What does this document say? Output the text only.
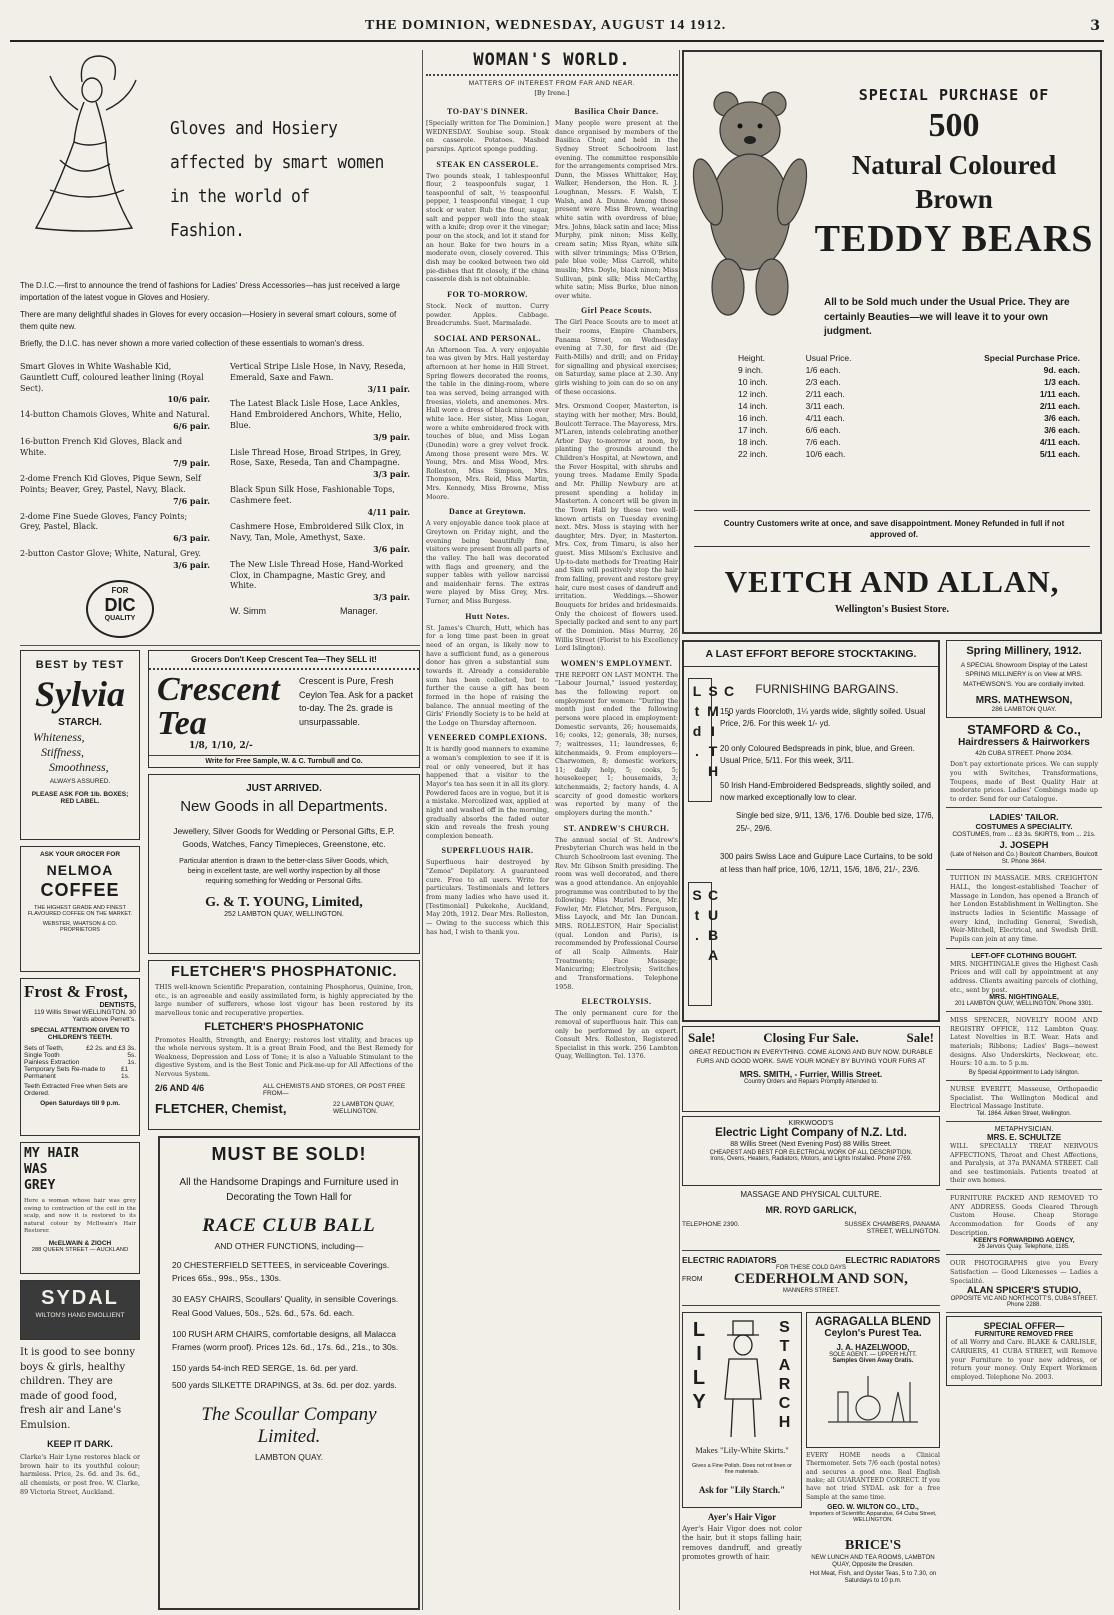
THE DOMINION, WEDNESDAY, AUGUST 14 1912.	3
Gloves and Hosiery affected by smart women in the world of Fashion.

The D.I.C.—first to announce the trend of fashions for Ladies' Dress Accessories—has just received a large importation of the latest vogue in Gloves and Hosiery.

There are many delightful shades in Gloves for every occasion—Hosiery in several smart colours, some of them quite new.

Briefly, the D.I.C. has never shown a more varied collection of these essentials to woman's dress.

Smart Gloves in White Washable Kid, Gauntlett Cuff, coloured leather lining (Royal Sect).
10/6 pair.
14-button Chamois Gloves, White and Natural.
6/6 pair.
16-button French Kid Gloves, Black and White.
7/9 pair.
2-dome French Kid Gloves, Pique Sewn, Self Points; Beaver, Grey, Pastel, Navy, Black.
7/6 pair.
2-dome Fine Suede Gloves, Fancy Points; Grey, Pastel, Black.
6/3 pair.
2-button Castor Glove; White, Natural, Grey.
3/6 pair.
Vertical Stripe Lisle Hose, in Navy, Reseda, Emerald, Saxe and Fawn.
3/11 pair.
The Latest Black Lisle Hose, Lace Ankles, Hand Embroidered Anchors, White, Helio, Blue.
3/9 pair.
Lisle Thread Hose, Broad Stripes, in Grey, Rose, Saxe, Reseda, Tan and Champagne.
3/3 pair.
Black Spun Silk Hose, Fashionable Tops, Cashmere feet.
4/11 pair.
Cashmere Hose, Embroidered Silk Clox, in Navy, Tan, Mole, Amethyst, Saxe.
3/6 pair.
The New Lisle Thread Hose, Hand-Worked Clox, in Champagne, Mastic Grey, and White.
3/3 pair.
FOR
DIC
QUALITY
W. Simm	Manager.
WOMAN'S WORLD.
MATTERS OF INTEREST FROM FAR AND NEAR.
[By Irene.]
TO-DAY'S DINNER.
[Specially written for The Dominion.] WEDNESDAY. Soubise soup. Steak en casserole. Potatoes. Mashed parsnips. Apricot sponge pudding.
STEAK EN CASSEROLE.
Two pounds steak, 1 tablespoonful flour, 2 teaspoonfuls sugar, 1 teaspoonful of salt, ½ teaspoonful pepper, 1 teaspoonful vinegar, 1 cup stock or water. Rub the flour, sugar, salt and pepper well into the steak with a knife; drop over it the vinegar; pour on the stock, and let it stand for an hour. Bake for two hours in a moderate oven, closely covered. This dish may be cooked between two old pie-dishes that fit closely, if the china casserole dish is not obtainable.
FOR TO-MORROW.
Stock. Neck of mutton. Curry powder. Apples. Cabbage. Breadcrumbs. Suet. Marmalade.
SOCIAL AND PERSONAL.
An Afternoon Tea. A very enjoyable tea was given by Mrs. Hall yesterday afternoon at her home in Hill Street. Spring flowers decorated the rooms, the table in the dining-room, where tea was served, being arranged with freesias, violets, and anemones. Mrs. Hall wore a dress of black ninon over white lace. Her sister, Miss Logan, wore a white embroidered frock with touches of blue, and Miss Logan (Dunedin) wore a grey velvet frock. Among those present were Mrs. W. Young, Mrs. and Miss Wood, Mrs. Rolleston, Miss Simpson, Mrs. Thompson, Mrs. Reid, Miss Martin, Mrs. Kennedy, Miss Browne, Miss Moore.
Dance at Greytown.
A very enjoyable dance took place at Greytown on Friday night, and the evening being beautifully fine, visitors were present from all parts of the valley. The hall was decorated with flags and greenery, and the supper tables with yellow narcissi and maidenhair ferns. The extras were played by Miss Grey, Mrs. Turner, and Miss Burgess.
Hutt Notes.
St. James's Church, Hutt, which has for a long time past been in great need of an organ, is likely now to have a sufficient fund, as a generous donor has given a substantial sum towards it. Already a considerable sum has been collected, but to further the cause a gift has been formed in the hope of raising the balance. The annual meeting of the Girls' Friendly Society is to be held at the Lodge on Thursday afternoon.
VENEERED COMPLEXIONS.
It is hardly good manners to examine a woman's complexion to see if it is real or only veneered, but it has happened that a visitor to the Mayor's tea has seen it in all its glory. Powdered faces are in vogue, but it is a mistake. Mercolized wax, applied at night and washed off in the morning, gradually absorbs the faded outer skin and reveals the fresh young complexion beneath.
SUPERFLUOUS HAIR.
Superfluous hair destroyed by "Zemoa" Depilatory. A guaranteed cure. Free to all users. Write for particulars. Testimonials and letters from many ladies who have used it. [Testimonial] Pukekohe, Auckland, May 20th, 1912. Dear Mrs. Rolleston, — Owing to the success which this has had, I wish to thank you.
Basilica Choir Dance.
Many people were present at the dance organised by members of the Basilica Choir, and held in the Sydney Street Schoolroom last evening. The committee responsible for the arrangements comprised Mrs. Dunn, the Misses Whittaker, Hay, Walker, Henderson, the Hon. R. J. Loughnan, Messrs. F. Walsh, T. Walsh, and A. Dunne. Among those present were Miss Brown, wearing white satin with overdress of blue; Mrs. Johns, black satin and lace; Miss Murphy, pink ninon; Miss Kelly, cream satin; Miss Ryan, white silk with silver trimmings; Miss O'Brien, pale blue voile; Miss Carroll, white muslin; Mrs. Doyle, black ninon; Miss Sullivan, pink silk; Miss McCarthy, white satin; Miss Burke, blue ninon over white.
Girl Peace Scouts.
The Girl Peace Scouts are to meet at their rooms, Empire Chambers, Panama Street, on Wednesday evening at 7.30, for first aid (Dr. Faith-Mills) and drill; and on Friday for signalling and physical exercises; on Saturday, same place at 2.30. Any girls wishing to join can do so on any of these occasions.
Mrs. Orsmond Cooper, Masterton, is staying with her mother, Mrs. Bould, Boulcott Terrace. The Mayoress, Mrs. M'Laren, intends celebrating another Arbor Day to-morrow at noon, by planting the grounds around the Children's Hospital, at Newtown, and the Fever Hospital, with shrubs and young trees. Madame Emily Spada and Mr. Phillip Newbury are at present spending a holiday in Masterton. A concert will be given in the Town Hall by these two well-known artists on Tuesday evening next. Mrs. Moss is staying with her daughter, Mrs. Dyer, in Masterton. Mrs. Cox, from Timaru, is also her guest. Miss Milsom's Exclusive and Up-to-date methods for Treating Hair and Skin will positively stop the hair from falling, prevent and restore grey hair, cure most cases of dandruff and irritation. Weddings.—Shower Bouquets for brides and bridesmaids. Only the choicest of flowers used. Specially packed and sent to any part of the Dominion. Miss Murray, 26 Willis Street (Florist to his Excellency Lord Islington).
WOMEN'S EMPLOYMENT.
THE REPORT ON LAST MONTH. The "Labour Journal," issued yesterday, has the following report on employment for women: "During the month just ended the following persons were placed in employment: Domestic servants, 26; housemaids, 16; cooks, 12; generals, 38; nurses, 7; waitresses, 11; laundresses, 6; kitchenmaids, 9. From employers—Charwomen, 8; domestic workers, 11; daily help, 5; cooks, 5; housekeeper, 1; housemaids, 3; kitchenmaids, 2; factory hands, 4. A scarcity of good domestic workers was reported by many of the employers during the month."
ST. ANDREW'S CHURCH.
The annual social of St. Andrew's Presbyterian Church was held in the Church Schoolroom last evening. The Rev. Mr. Gibson Smith presiding. The room was well decorated, and there was a good attendance. An enjoyable programme was contributed to by the following: Miss Muriel Bruce, Mr. Fowler, Mr. Fletcher, Mrs. Ferguson, Miss Layock, and Mr. Ian Duncan. MRS. ROLLESTON, Hair Specialist (qual. London and Paris), is recommended by Professional Course of all Scalp Ailments. Hair Treatments; Face Massage; Manicuring; Electrolysis; Switches and Transformations. Telephone 1958.
ELECTROLYSIS.
The only permanent cure for the removal of superfluous hair. This can only be performed by an expert. Consult Mrs. Rolleston, Registered Specialist in this work. 256 Lambton Quay, Wellington. Tel. 1376.
SPECIAL PURCHASE OF
500
Natural Coloured
Brown
TEDDY BEARS
All to be Sold much under the Usual Price. They are certainly Beauties—we will leave it to your own judgment.
Height.	Usual Price.	Special Purchase Price.
9 inch.	1/6 each.	9d. each.
10 inch.	2/3 each.	1/3 each.
12 inch.	2/11 each.	1/11 each.
14 inch.	3/11 each.	2/11 each.
16 inch.	4/11 each.	3/6 each.
17 inch.	6/6 each.	3/6 each.
18 inch.	7/6 each.	4/11 each.
22 inch.	10/6 each.	5/11 each.
Country Customers write at once, and save disappointment. Money Refunded in full if not approved of.
VEITCH AND ALLAN,
Wellington's Busiest Store.
BEST by TEST
Sylvia
STARCH.
Whiteness,
Stiffness,
Smoothness,
ALWAYS ASSURED.
PLEASE ASK FOR 1lb. BOXES; RED LABEL.
ASK YOUR GROCER FOR
NELMOA
COFFEE
THE HIGHEST GRADE AND FINEST FLAVOURED COFFEE ON THE MARKET.
WEBSTER, WHATSON & CO. PROPRIETORS
Frost & Frost,
DENTISTS,
119 Willis Street WELLINGTON. 30 Yards above Perrett's.
SPECIAL ATTENTION GIVEN TO CHILDREN'S TEETH.
Sets of Teeth,	£2 2s. and £3 3s.
Single Tooth	5s.
Painless Extraction	1s.
Temporary Sets Re-made to Permanent
£1 1s.
Teeth Extracted Free when Sets are Ordered.
Open Saturdays till 9 p.m.
MY HAIR WAS GREY
Here a woman whose hair was grey owing to contraction of the cell in the scalp, and now it is restored to its natural colour by McIlwain's Hair Restorer.
McELWAIN & ZIOCH
288 QUEEN STREET — AUCKLAND
SYDAL
WILTON'S HAND EMOLLIENT
It is good to see bonny boys & girls, healthy children. They are made of good food, fresh air and Lane's Emulsion.
KEEP IT DARK.
Clarke's Hair Lyne restores black or brown hair to its youthful colour; harmless. Price, 2s. 6d. and 3s. 6d., all chemists, or post free. W. Clarke, 89 Victoria Street, Auckland.
Grocers Don't Keep Crescent Tea—They SELL it!
Crescent Tea
1/8, 1/10, 2/-
Crescent is Pure, Fresh Ceylon Tea. Ask for a packet to-day. The 2s. grade is unsurpassable.
Write for Free Sample, W. & C. Turnbull and Co.
JUST ARRIVED.
New Goods in all Departments.
Jewellery, Silver Goods for Wedding or Personal Gifts, E.P. Goods, Watches, Fancy Timepieces, Greenstone, etc.
Particular attention is drawn to the better-class Silver Goods, which, being in excellent taste, are well worthy inspection by all those requiring something for Wedding or Personal Gifts.
G. & T. YOUNG, Limited,
252 LAMBTON QUAY, WELLINGTON.
FLETCHER'S PHOSPHATONIC.
THIS well-known Scientific Preparation, containing Phosphorus, Quinine, Iron, etc., is an agreeable and easily assimilated form, is highly appreciated by the large number of sufferers, whose lost vigour has been restored by its marvellous tonic and recuperative properties.
FLETCHER'S PHOSPHATONIC
Promotes Health, Strength, and Energy; restores lost vitality, and braces up the whole nervous system. It is a great Brain Food, and the Best Remedy for Weakness, Depression and Loss of Tone; it is also a Valuable Stimulant to the digestive System, and is the Best Tonic and Pick-me-up for All Affections of the Nervous System.
2/6 AND 4/6	ALL CHEMISTS AND STORES, OR POST FREE FROM—
FLETCHER, Chemist,	22 LAMBTON QUAY, WELLINGTON.
MUST BE SOLD!
All the Handsome Drapings and Furniture used in Decorating the Town Hall for
RACE CLUB BALL
AND OTHER FUNCTIONS, including—
20 CHESTERFIELD SETTEES, in serviceable Coverings. Prices 65s., 99s., 95s., 130s.
30 EASY CHAIRS, Scoullars' Quality, in sensible Coverings. Real Good Values, 50s., 52s. 6d., 57s. 6d. each.
100 RUSH ARM CHAIRS, comfortable designs, all Malacca Frames (worm proof). Prices 12s. 6d., 17s. 6d., 21s., to 30s.
150 yards 54-inch RED SERGE, 1s. 6d. per yard.
500 yards SILKETTE DRAPINGS, at 3s. 6d. per doz. yards.
The Scoullar Company Limited.
LAMBTON QUAY.
A LAST EFFORT BEFORE STOCKTAKING.
C. SMITH Ltd.
CUBA St.
FURNISHING BARGAINS.
150 yards Floorcloth, 1¼ yards wide, slightly soiled. Usual Price, 2/6. For this week 1/- yd.
20 only Coloured Bedspreads in pink, blue, and Green. Usual Price, 5/11. For this week, 3/11.
50 Irish Hand-Embroidered Bedspreads, slightly soiled, and now marked exceptionally low to clear.
Single bed size, 9/11, 13/6, 17/6. Double bed size, 17/6, 25/-, 29/6.
300 pairs Swiss Lace and Guipure Lace Curtains, to be sold at less than half price, 10/6, 12/11, 15/6, 18/6, 21/-, 23/6.
Sale!	Closing Fur Sale.	Sale!
GREAT REDUCTION IN EVERYTHING. COME ALONG AND BUY NOW. DURABLE FURS AND GOOD WORK. SAVE YOUR MONEY BY BUYING YOUR FURS AT
MRS. SMITH, - Furrier, Willis Street.
Country Orders and Repairs Promptly Attended to.
KIRKWOOD'S
Electric Light Company of N.Z. Ltd.
88 Willis Street (Next Evening Post) 88 Willis Street.
CHEAPEST AND BEST FOR ELECTRICAL WORK OF ALL DESCRIPTION.
Irons, Ovens, Heaters, Radiators, Motors, and Lights Installed. Phone 2769.
MASSAGE AND PHYSICAL CULTURE.
MR. ROYD GARLICK,
TELEPHONE 2390.	SUSSEX CHAMBERS, PANAMA STREET, WELLINGTON.
ELECTRIC RADIATORS	ELECTRIC RADIATORS
FOR THESE COLD DAYS
FROM	CEDERHOLM AND SON,
MANNERS STREET.
LILY	STARCH
Makes "Lily-White Skirts."
Gives a Fine Polish. Does not rot linen or fine materials.
Ask for "Lily Starch."
Ayer's Hair Vigor
Ayer's Hair Vigor does not color the hair, but it stops falling hair, removes dandruff, and greatly promotes growth of hair.
AGRAGALLA BLEND
Ceylon's Purest Tea.
J. A. HAZELWOOD,
SOLE AGENT. — UPPER HUTT.
Samples Given Away Gratis.
EVERY HOME needs a Clinical Thermometer. Sets 7/6 each (postal notes) and secures a good one. Real English make; all GUARANTEED CORRECT. If you have not tried SYDAL ask for a free Sample at the same time.
GEO. W. WILTON CO., LTD.,
Importers of Scientific Apparatus, 64 Cuba Street, WELLINGTON.
BRICE'S
NEW LUNCH AND TEA ROOMS, LAMBTON QUAY, Opposite the Dresden.
Hot Meat, Fish, and Oyster Teas, 5 to 7.30, on Saturdays to 10 p.m.
Spring Millinery, 1912.
A SPECIAL Showroom Display of the Latest SPRING MILLINERY is on View at MRS. MATHEWSON'S. You are cordially invited.
MRS. MATHEWSON,
286 LAMBTON QUAY.
STAMFORD & Co.,
Hairdressers & Hairworkers
42b CUBA STREET. Phone 2034.
Don't pay extortionate prices. We can supply you with Switches, Transformations, Toupees, made of Best Quality Hair at moderate prices. Ladies' Combings made up to order. Send for our Catalogue.
LADIES' TAILOR.
COSTUMES A SPECIALITY.
COSTUMES, from ... £3 3s. SKIRTS, from ... 21s.
J. JOSEPH
(Late of Nelson and Co.) Boulcott Chambers, Boulcott St. Phone 3664.
TUITION IN MASSAGE. MRS. CREIGHTON HALL, the longest-established Teacher of Massage in London, has opened a Branch of her London Establishment in Wellington. She instructs ladies in Scientific Massage of every kind, including General, Swedish, Weir-Mitchell, Electrical, and Swedish Drill. Pupils can join at any time.
LEFT-OFF CLOTHING BOUGHT.
MRS. NIGHTINGALE gives the Highest Cash Prices and will call by appointment at any address. Clients awaiting parcels of clothing, etc., sent by post.
MRS. NIGHTINGALE,
201 LAMBTON QUAY, WELLINGTON. Phone 3301.
MISS SPENCER, NOVELTY ROOM AND REGISTRY OFFICE, 112 Lambton Quay. Latest Novelties in B.T. Wear. Hats and materials; Ribbons; Ladies' Bags—newest designs. Also Underskirts, Neckwear, etc. Hours: 10 a.m. to 5 p.m.
By Special Appointment to Lady Islington.
NURSE EVERITT, Masseuse, Orthopaedic Specialist. The Wellington Medical and Electrical Massage Institute.
Tel. 1864. Aitken Street, Wellington.
METAPHYSICIAN.
MRS. E. SCHULTZE
WILL SPECIALLY TREAT NERVOUS AFFECTIONS, Throat and Chest Affections, and Paralysis, at 37a PANAMA STREET. Call and see testimonials. Patients treated at their own homes.
FURNITURE PACKED AND REMOVED TO ANY ADDRESS. Goods Cleared Through Custom House. Cheap Storage Accommodation for Goods of any Description.
KEEN'S FORWARDING AGENCY,
26 Jervois Quay. Telephone, 1185.
OUR PHOTOGRAPHS give you Every Satisfaction — Good Likenesses — Ladies a Specialité.
ALAN SPICER'S STUDIO,
OPPOSITE VIC AND NORTHCOTT'S, CUBA STREET. Phone 2288.
SPECIAL OFFER—
FURNITURE REMOVED FREE
of all Worry and Care. BLAKE & CARLISLE, CARRIERS, 41 CUBA STREET, will Remove your Furniture to your new address, or return your money. Only Expert Workmen employed. Telephone No. 2003.
